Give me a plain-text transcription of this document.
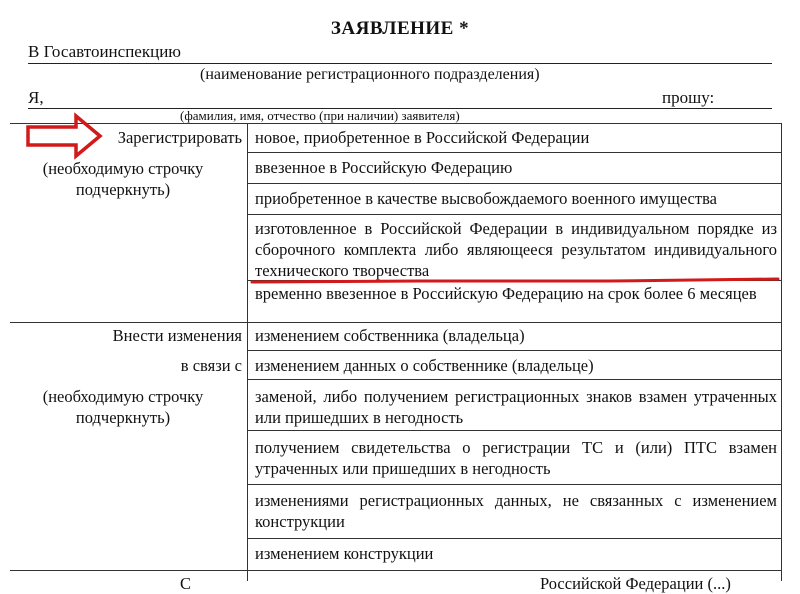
ЗАЯВЛЕНИЕ *
В Госавтоинспекцию
(наименование регистрационного подразделения)
Я,	прошу:
(фамилия, имя, отчество (при наличии) заявителя)
Зарегистрировать
(необходимую строчку подчеркнуть)
новое, приобретенное в Российской Федерации
ввезенное в Российскую Федерацию
приобретенное в качестве высвобождаемого военного имущества
изготовленное в Российской Федерации в индивидуальном порядке из сборочного комплекта либо являющееся результатом индивидуального технического творчества
временно ввезенное в Российскую Федерацию на срок более 6 месяцев
Внести изменения
в связи с
(необходимую строчку подчеркнуть)
изменением собственника (владельца)
изменением данных о собственнике (владельце)
заменой, либо получением регистрационных знаков взамен утраченных или пришедших в негодность
получением свидетельства о регистрации ТС и (или) ПТС взамен утраченных или пришедших в негодность
изменениями регистрационных данных, не связанных с изменением конструкции
изменением конструкции
С	Российской Федерации (...)
